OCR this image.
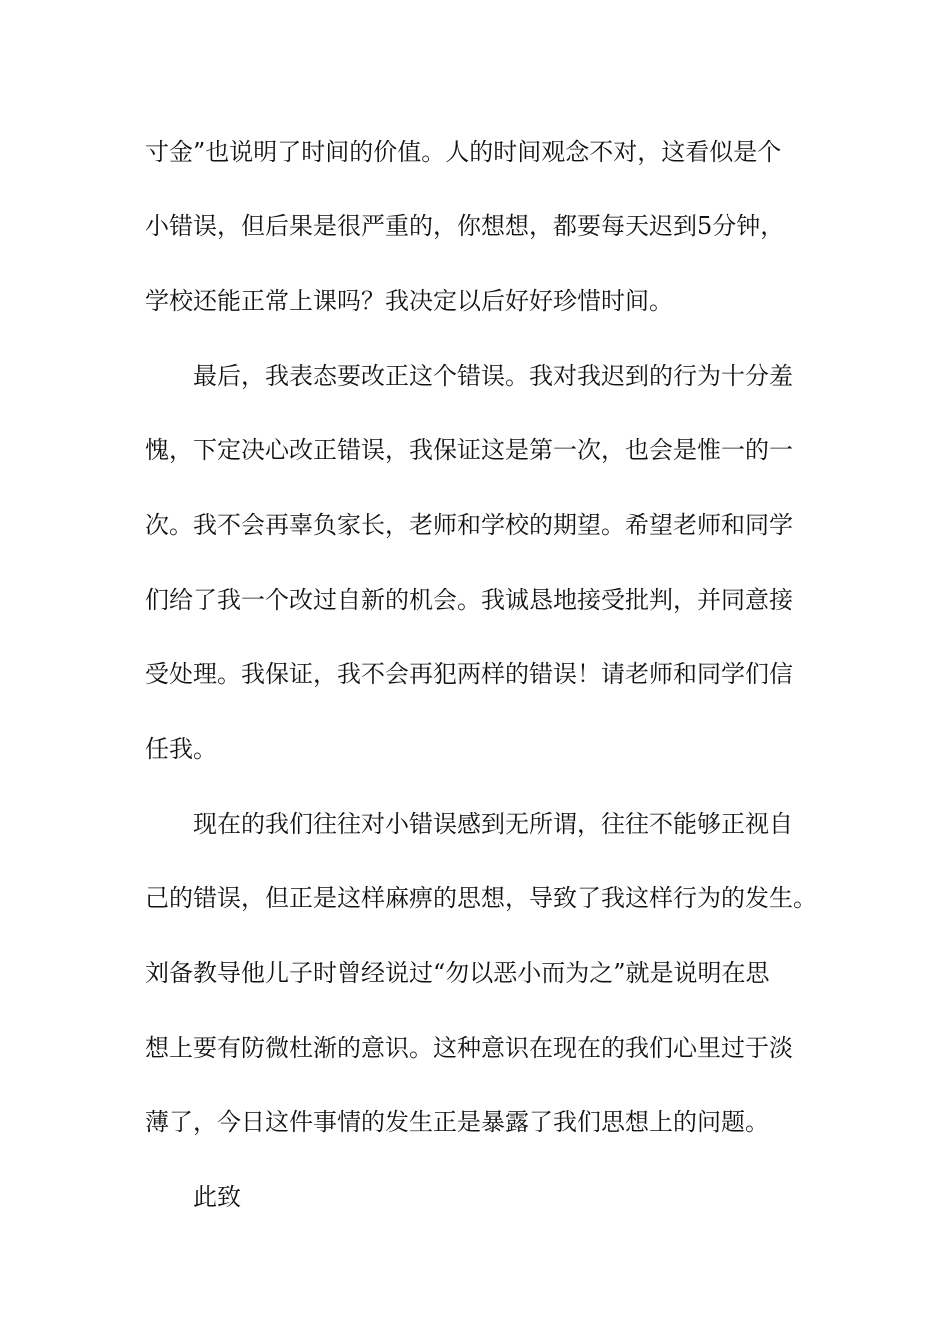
寸金”也说明了时间的价值。人的时间观念不对，这看似是个
小错误，但后果是很严重的，你想想，都要每天迟到5分钟，
学校还能正常上课吗？我决定以后好好珍惜时间。
最后，我表态要改正这个错误。我对我迟到的行为十分羞
愧，下定决心改正错误，我保证这是第一次，也会是惟一的一
次。我不会再辜负家长，老师和学校的期望。希望老师和同学
们给了我一个改过自新的机会。我诚恳地接受批判，并同意接
受处理。我保证，我不会再犯两样的错误！请老师和同学们信
任我。
现在的我们往往对小错误感到无所谓，往往不能够正视自
己的错误，但正是这样麻痹的思想，导致了我这样行为的发生。
刘备教导他儿子时曾经说过“勿以恶小而为之”就是说明在思
想上要有防微杜渐的意识。这种意识在现在的我们心里过于淡
薄了，今日这件事情的发生正是暴露了我们思想上的问题。
此致
